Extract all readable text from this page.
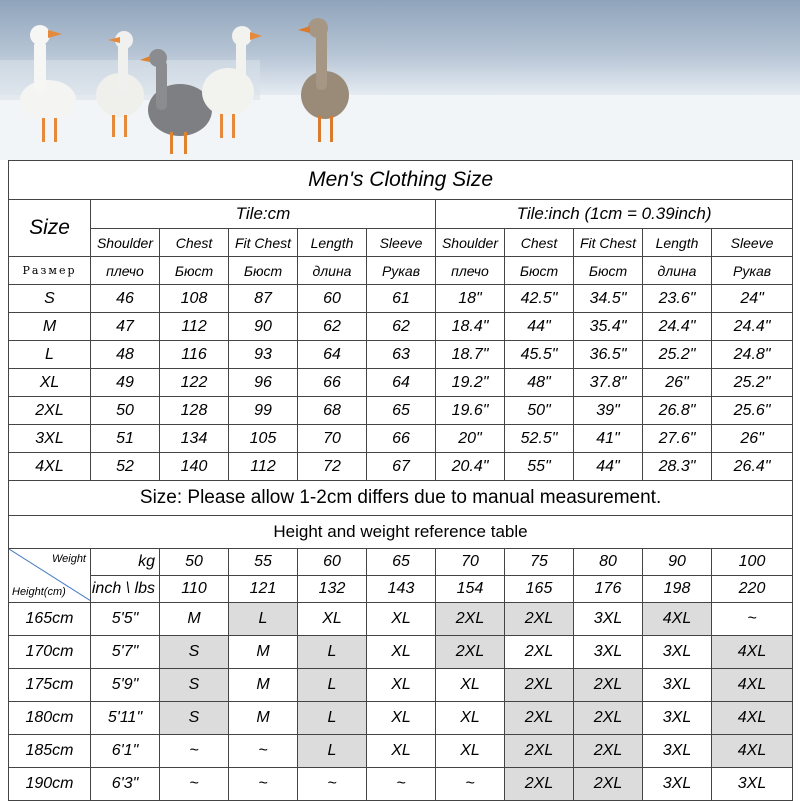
Men's Clothing Size										
Size	Tile:cm					Tile:inch (1cm = 0.39inch)				
	Shoulder	Chest	Fit Chest	Length	Sleeve	Shoulder	Chest	Fit Chest	Length	Sleeve
Размер	плечо	Бюст	Бюст	длина	Рукав	плечо	Бюст	Бюст	длина	Рукав
S	46	108	87	60	61	18"	42.5"	34.5"	23.6"	24"
M	47	112	90	62	62	18.4"	44"	35.4"	24.4"	24.4"
L	48	116	93	64	63	18.7"	45.5"	36.5"	25.2"	24.8"
XL	49	122	96	66	64	19.2"	48"	37.8"	26"	25.2"
2XL	50	128	99	68	65	19.6"	50"	39"	26.8"	25.6"
3XL	51	134	105	70	66	20"	52.5"	41"	27.6"	26"
4XL	52	140	112	72	67	20.4"	55"	44"	28.3"	26.4"
Size: Please allow 1-2cm differs due to manual measurement.										
Height and weight reference table										

Weight
Height(cm)	kg	50	55	60	65	70	75	80	90	100
	inch \ lbs	110	121	132	143	154	165	176	198	220
165cm	5'5"	M	L	XL	XL	2XL	2XL	3XL	4XL	~
170cm	5'7"	S	M	L	XL	2XL	2XL	3XL	3XL	4XL
175cm	5'9"	S	M	L	XL	XL	2XL	2XL	3XL	4XL
180cm	5'11"	S	M	L	XL	XL	2XL	2XL	3XL	4XL
185cm	6'1"	~	~	L	XL	XL	2XL	2XL	3XL	4XL
190cm	6'3"	~	~	~	~	~	2XL	2XL	3XL	3XL
